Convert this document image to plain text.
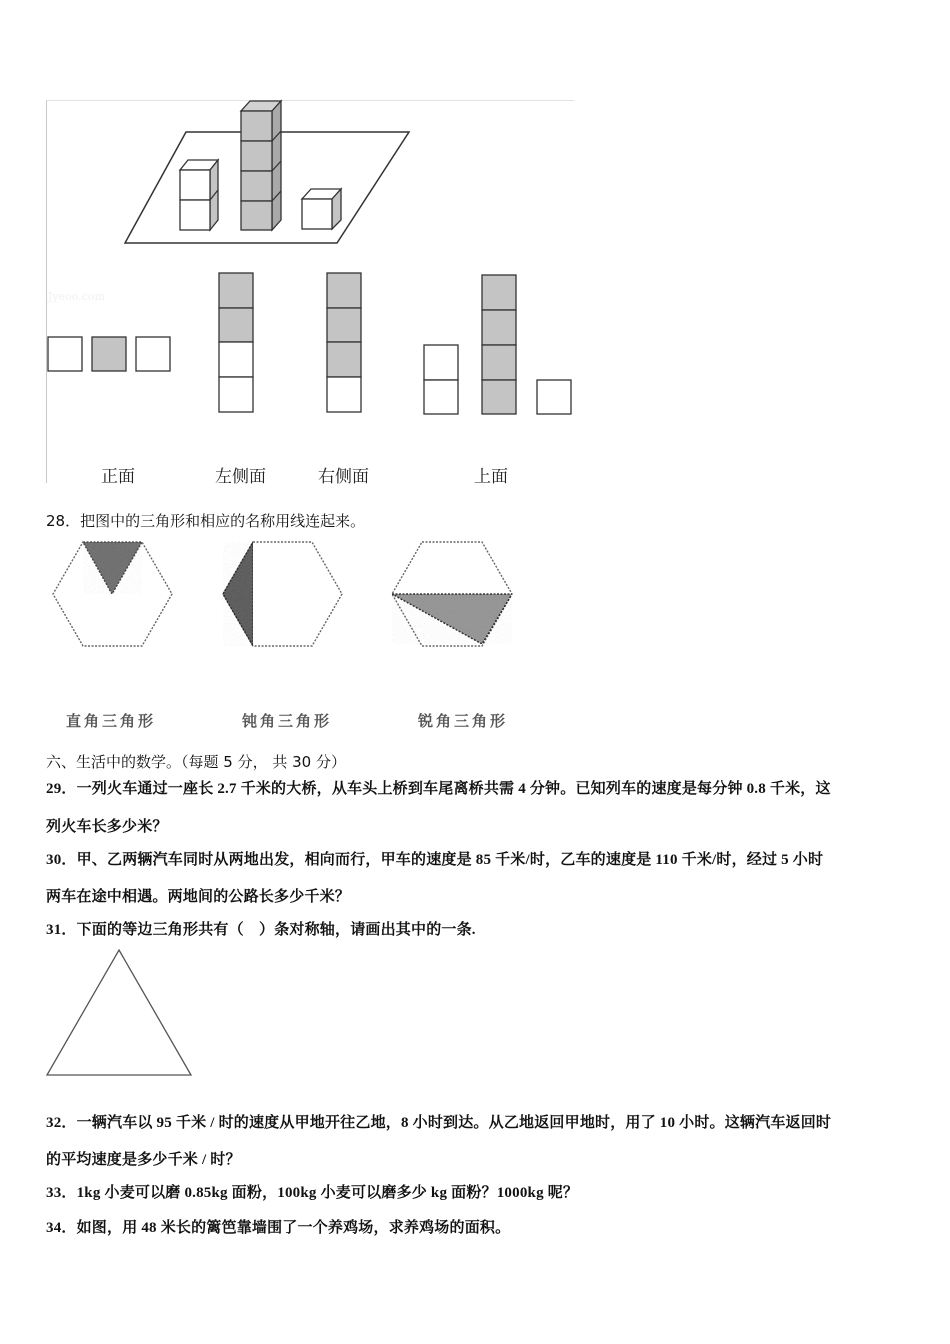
Jyeoo.com
正面	左侧面	右侧面	上面
28．把图中的三角形和相应的名称用线连起来。
直角三角形	钝角三角形	锐角三角形
六、生活中的数学。（每题 5 分， 共 30 分）
29．一列火车通过一座长 2.7 千米的大桥，从车头上桥到车尾离桥共需 4 分钟。已知列车的速度是每分钟 0.8 千米，这
列火车长多少米？
30．甲、乙两辆汽车同时从两地出发，相向而行，甲车的速度是 85 千米/时，乙车的速度是 110 千米/时，经过 5 小时
两车在途中相遇。两地间的公路长多少千米？
31．下面的等边三角形共有（　）条对称轴，请画出其中的一条.
32．一辆汽车以 95 千米 / 时的速度从甲地开往乙地，8 小时到达。从乙地返回甲地时，用了 10 小时。这辆汽车返回时
的平均速度是多少千米 / 时？
33．1kg 小麦可以磨 0.85kg 面粉，100kg 小麦可以磨多少 kg 面粉？1000kg 呢？
34．如图，用 48 米长的篱笆靠墙围了一个养鸡场，求养鸡场的面积。
